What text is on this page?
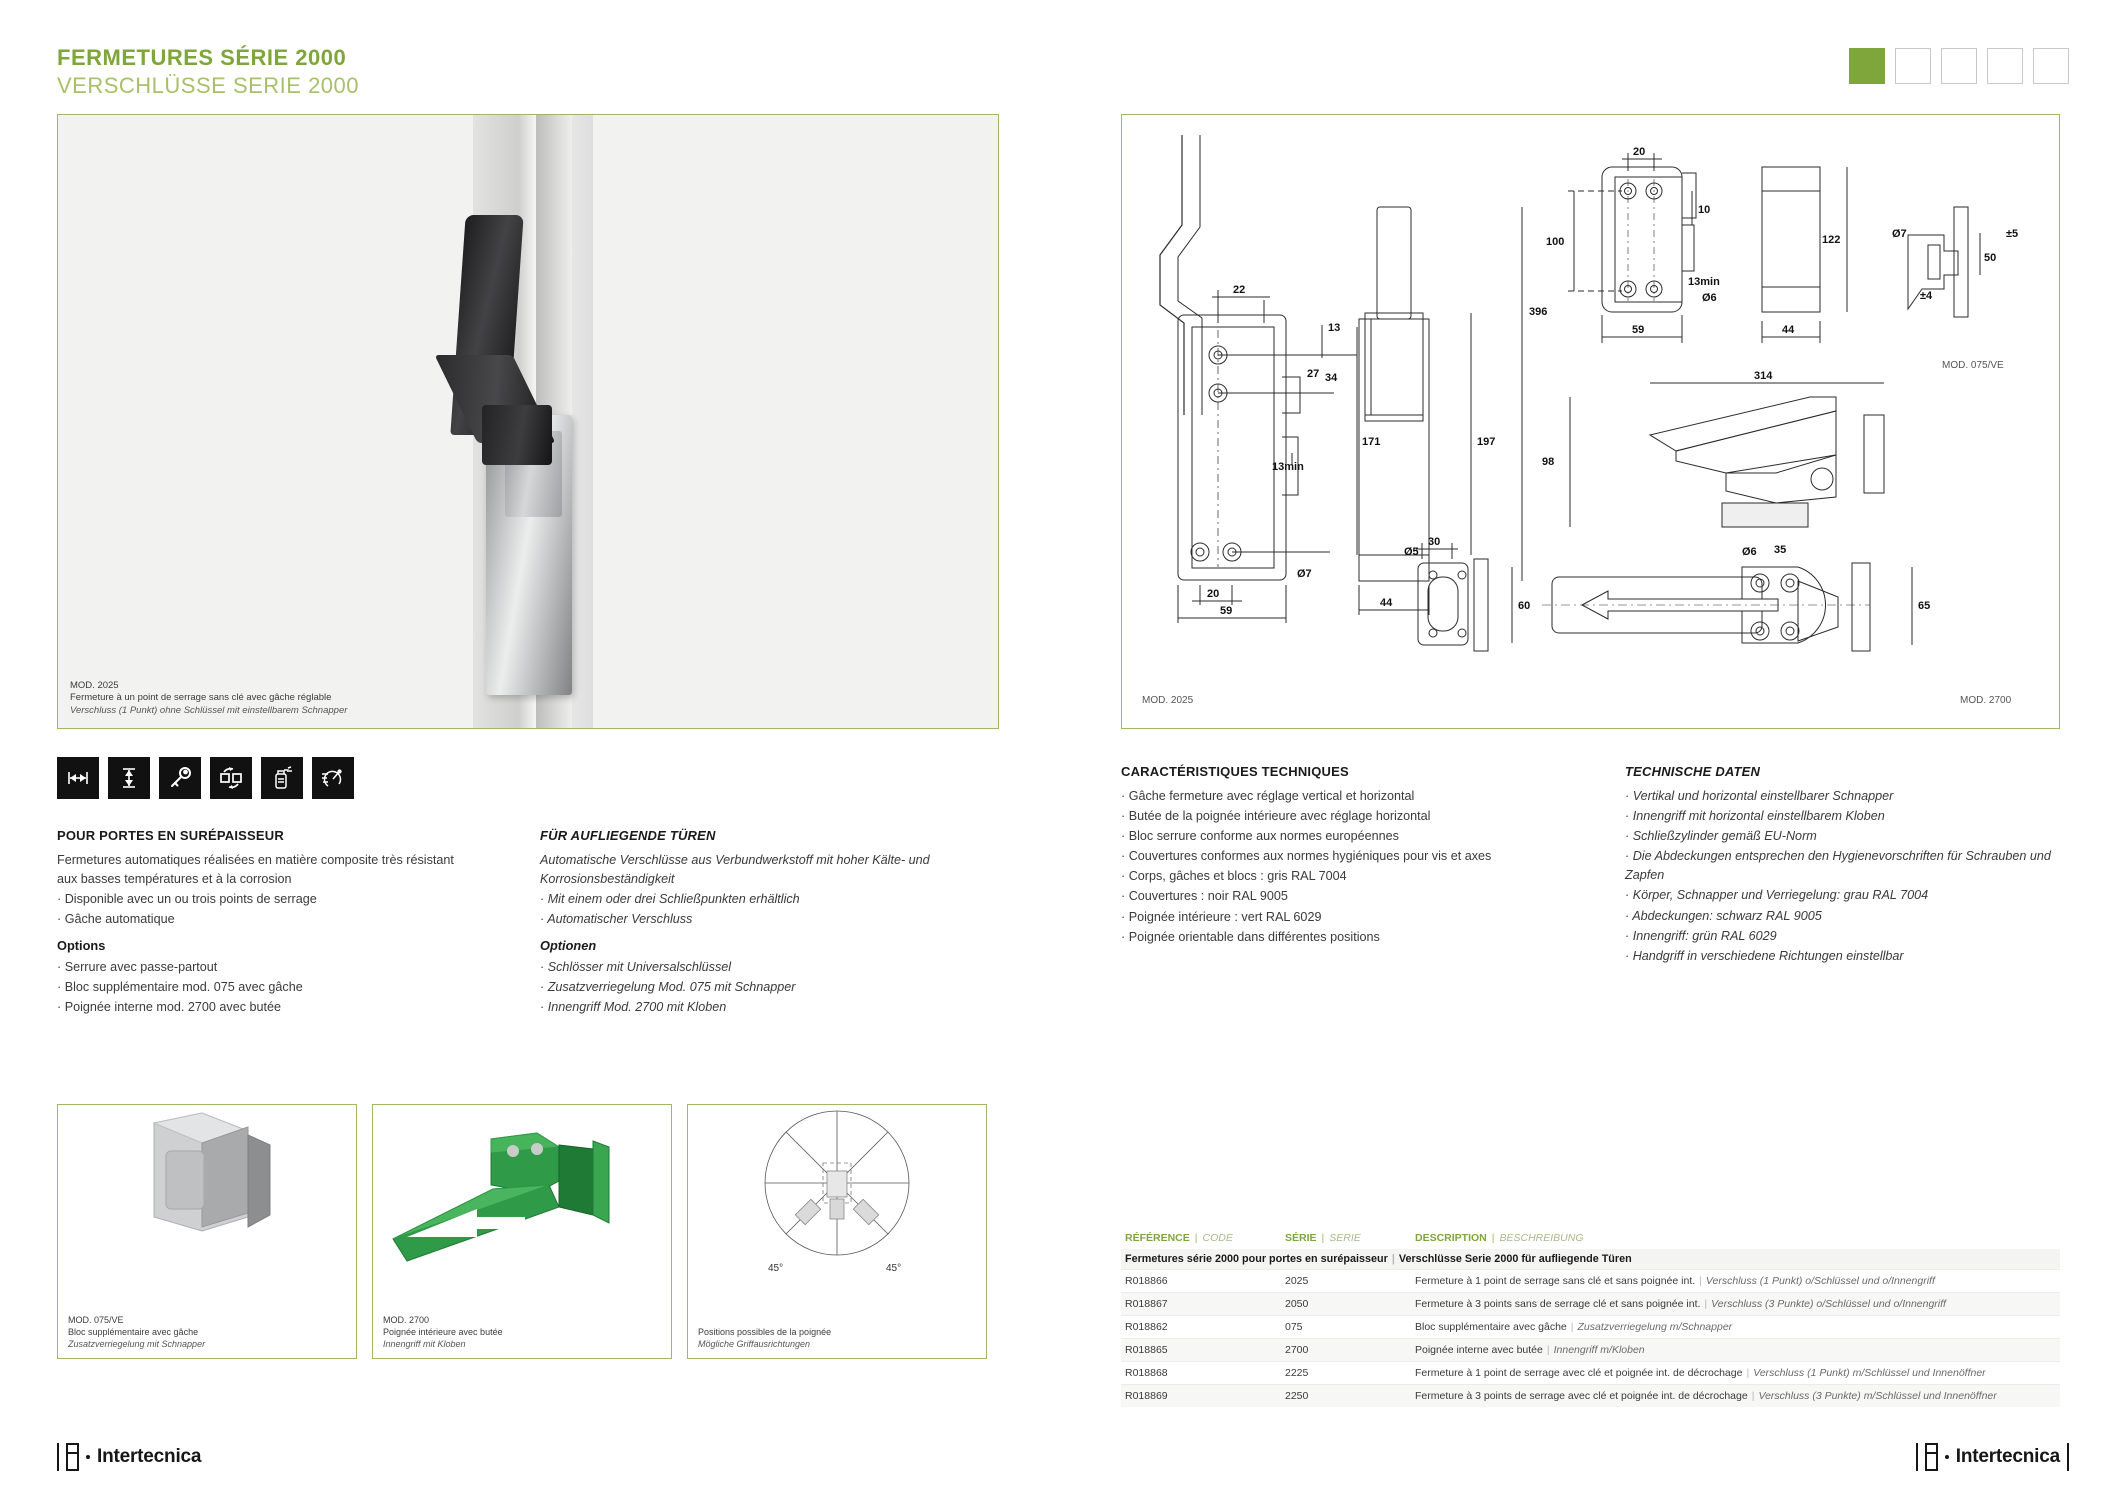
FERMETURES SÉRIE 2000
VERSCHLÜSSE SERIE 2000
MOD. 2025
Fermeture à un point de serrage sans clé avec gâche réglable
Verschluss (1 Punkt) ohne Schlüssel mit einstellbarem Schnapper
22
13
27 34
171
13min
Ø7
20
59
197
396
44
20
100
10
13min
Ø6
59
122
44
Ø7
50
±5
±4
MOD. 075/VE
98
314
30
Ø5
60
Ø6 35
65
MOD. 2025	MOD. 2700
POUR PORTES EN SURÉPAISSEUR

Fermetures automatiques réalisées en matière composite très résistant aux basses températures et à la corrosion

· Disponible avec un ou trois points de serrage

· Gâche automatique

Options

· Serrure avec passe-partout

· Bloc supplémentaire mod. 075 avec gâche

· Poignée interne mod. 2700 avec butée

FÜR AUFLIEGENDE TÜREN

Automatische Verschlüsse aus Verbundwerkstoff mit hoher Kälte- und Korrosionsbeständigkeit

· Mit einem oder drei Schließpunkten erhältlich

· Automatischer Verschluss

Optionen

· Schlösser mit Universalschlüssel

· Zusatzverriegelung Mod. 075 mit Schnapper

· Innengriff Mod. 2700 mit Kloben

CARACTÉRISTIQUES TECHNIQUES

· Gâche fermeture avec réglage vertical et horizontal

· Butée de la poignée intérieure avec réglage horizontal

· Bloc serrure conforme aux normes européennes

· Couvertures conformes aux normes hygiéniques pour vis et axes

· Corps, gâches et blocs : gris RAL 7004

· Couvertures : noir RAL 9005

· Poignée intérieure : vert RAL 6029

· Poignée orientable dans différentes positions

TECHNISCHE DATEN

· Vertikal und horizontal einstellbarer Schnapper

· Innengriff mit horizontal einstellbarem Kloben

· Schließzylinder gemäß EU-Norm

· Die Abdeckungen entsprechen den Hygienevorschriften für Schrauben und Zapfen

· Körper, Schnapper und Verriegelung: grau RAL 7004

· Abdeckungen: schwarz RAL 9005

· Innengriff: grün RAL 6029

· Handgriff in verschiedene Richtungen einstellbar

MOD. 075/VE
Bloc supplémentaire avec gâche
Zusatzverriegelung mit Schnapper
MOD. 2700
Poignée intérieure avec butée
Innengriff mit Kloben
45°	45°
Positions possibles de la poignée
Mögliche Griffausrichtungen
RÉFÉRENCE | CODE	SÉRIE | SERIE	DESCRIPTION | BESCHREIBUNG
Fermetures série 2000 pour portes en surépaisseur | Verschlüsse Serie 2000 für aufliegende Türen
R018866	2025	Fermeture à 1 point de serrage sans clé et sans poignée int. | Verschluss (1 Punkt) o/Schlüssel und o/Innengriff
R018867	2050	Fermeture à 3 points sans de serrage clé et sans poignée int. | Verschluss (3 Punkte) o/Schlüssel und o/Innengriff
R018862	075	Bloc supplémentaire avec gâche | Zusatzverriegelung m/Schnapper
R018865	2700	Poignée interne avec butée | Innengriff m/Kloben
R018868	2225	Fermeture à 1 point de serrage avec clé et poignée int. de décrochage | Verschluss (1 Punkt) m/Schlüssel und Innenöffner
R018869	2250	Fermeture à 3 points de serrage avec clé et poignée int. de décrochage | Verschluss (3 Punkte) m/Schlüssel und Innenöffner
Intertecnica	Intertecnica
